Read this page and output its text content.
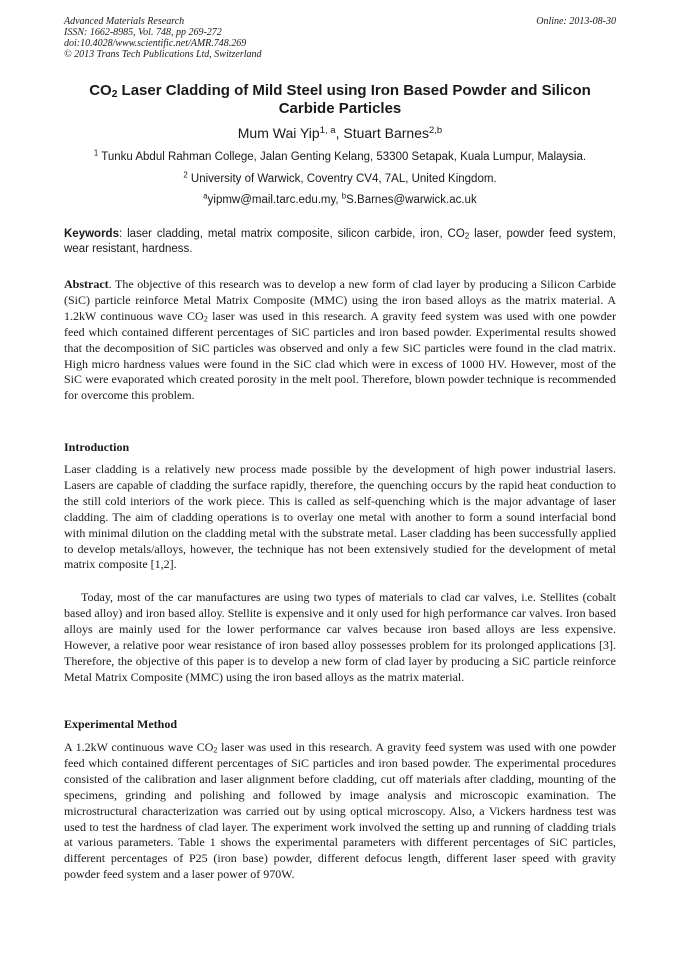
Advanced Materials Research	Online: 2013-08-30
ISSN: 1662-8985, Vol. 748, pp 269-272
doi:10.4028/www.scientific.net/AMR.748.269
© 2013 Trans Tech Publications Ltd, Switzerland
$CO_2$ Laser Cladding of Mild Steel using Iron Based Powder and Silicon Carbide Particles
Mum Wai Yip$^{1, a}$, Stuart Barnes$^{2,b}$
$^1$ Tunku Abdul Rahman College, Jalan Genting Kelang, 53300 Setapak, Kuala Lumpur, Malaysia.
$^2$ University of Warwick, Coventry CV4, 7AL, United Kingdom.
$^a$yipmw@mail.tarc.edu.my, $^b$S.Barnes@warwick.ac.uk
Keywords: laser cladding, metal matrix composite, silicon carbide, iron, $CO_2$ laser, powder feed system, wear resistant, hardness.
Abstract. The objective of this research was to develop a new form of clad layer by producing a Silicon Carbide (SiC) particle reinforce Metal Matrix Composite (MMC) using the iron based alloys as the matrix material. A 1.2kW continuous wave $CO_2$ laser was used in this research. A gravity feed system was used with one powder feed which contained different percentages of SiC particles and iron based powder. Experimental results showed that the decomposition of SiC particles was observed and only a few SiC particles were found in the clad matrix. High micro hardness values were found in the SiC clad which were in excess of 1000 HV. However, most of the SiC were evaporated which created porosity in the melt pool. Therefore, blown powder technique is recommended for overcome this problem.
Introduction

Laser cladding is a relatively new process made possible by the development of high power industrial lasers. Lasers are capable of cladding the surface rapidly, therefore, the quenching occurs by the rapid heat conduction to the still cold interiors of the work piece. This is called as self-quenching which is the major advantage of laser cladding. The aim of cladding operations is to overlay one metal with another to form a sound interfacial bond with minimal dilution on the cladding metal with the substrate metal. Laser cladding has been successfully applied to develop metals/alloys, however, the technique has not been extensively studied for the development of metal matrix composite [1,2].

Today, most of the car manufactures are using two types of materials to clad car valves, i.e. Stellites (cobalt based alloy) and iron based alloy. Stellite is expensive and it only used for high performance car valves. Iron based alloys are mainly used for the lower performance car valves because iron based alloys are less expensive. However, a relative poor wear resistance of iron based alloy possesses problem for its prolonged applications [3]. Therefore, the objective of this paper is to develop a new form of clad layer by producing a SiC particle reinforce Metal Matrix Composite (MMC) using the iron based alloys as the matrix material.

Experimental Method

A 1.2kW continuous wave $CO_2$ laser was used in this research. A gravity feed system was used with one powder feed which contained different percentages of SiC particles and iron based powder. The experimental procedures consisted of the calibration and laser alignment before cladding, cut off materials after cladding, mounting of the specimens, grinding and polishing and followed by image analysis and microscopic examination. The microstructural characterization was carried out by using optical microscopy. Also, a Vickers hardness test was used to test the hardness of clad layer. The experiment work involved the setting up and running of cladding trials at various parameters. Table 1 shows the experimental parameters with different percentages of SiC particles, different percentages of P25 (iron base) powder, different defocus length, different laser speed with gravity powder feed system and a laser power of 970W.
